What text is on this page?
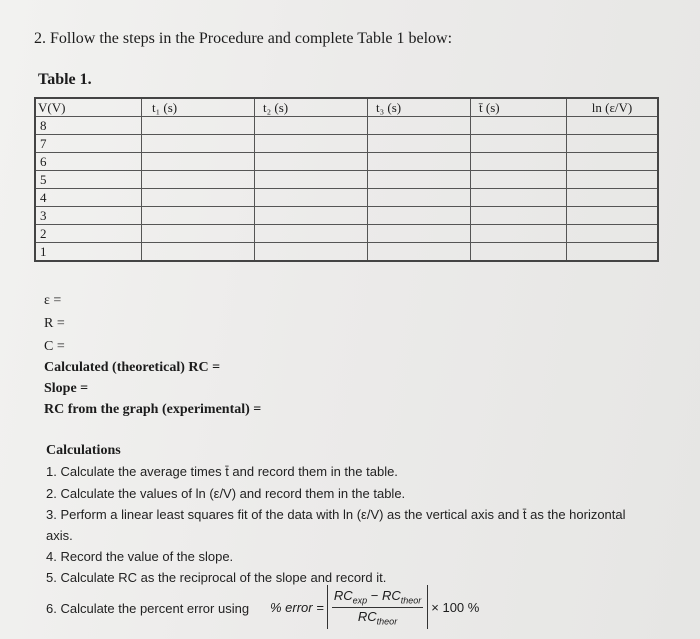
2. Follow the steps in the Procedure and complete Table 1 below:
Table 1.
V(V)	t₁ (s)	t₂ (s)	t₃ (s)	t̄ (s)	ln (ε/V)
8					
7					
6					
5					
4					
3					
2					
1					
ε =
R =
C =
Calculated (theoretical) RC =
Slope =
RC from the graph (experimental) =
Calculations
1. Calculate the average times t̄ and record them in the table.
2. Calculate the values of ln (ε/V) and record them in the table.
3. Perform a linear least squares fit of the data with ln (ε/V) as the vertical axis and t̄ as the horizontal
axis.
4. Record the value of the slope.
5. Calculate RC as the reciprocal of the slope and record it.
6. Calculate the percent error using % error = $\frac{RC_{exp} - RC_{theor}}{RC_{theor}} \times 100$ %
